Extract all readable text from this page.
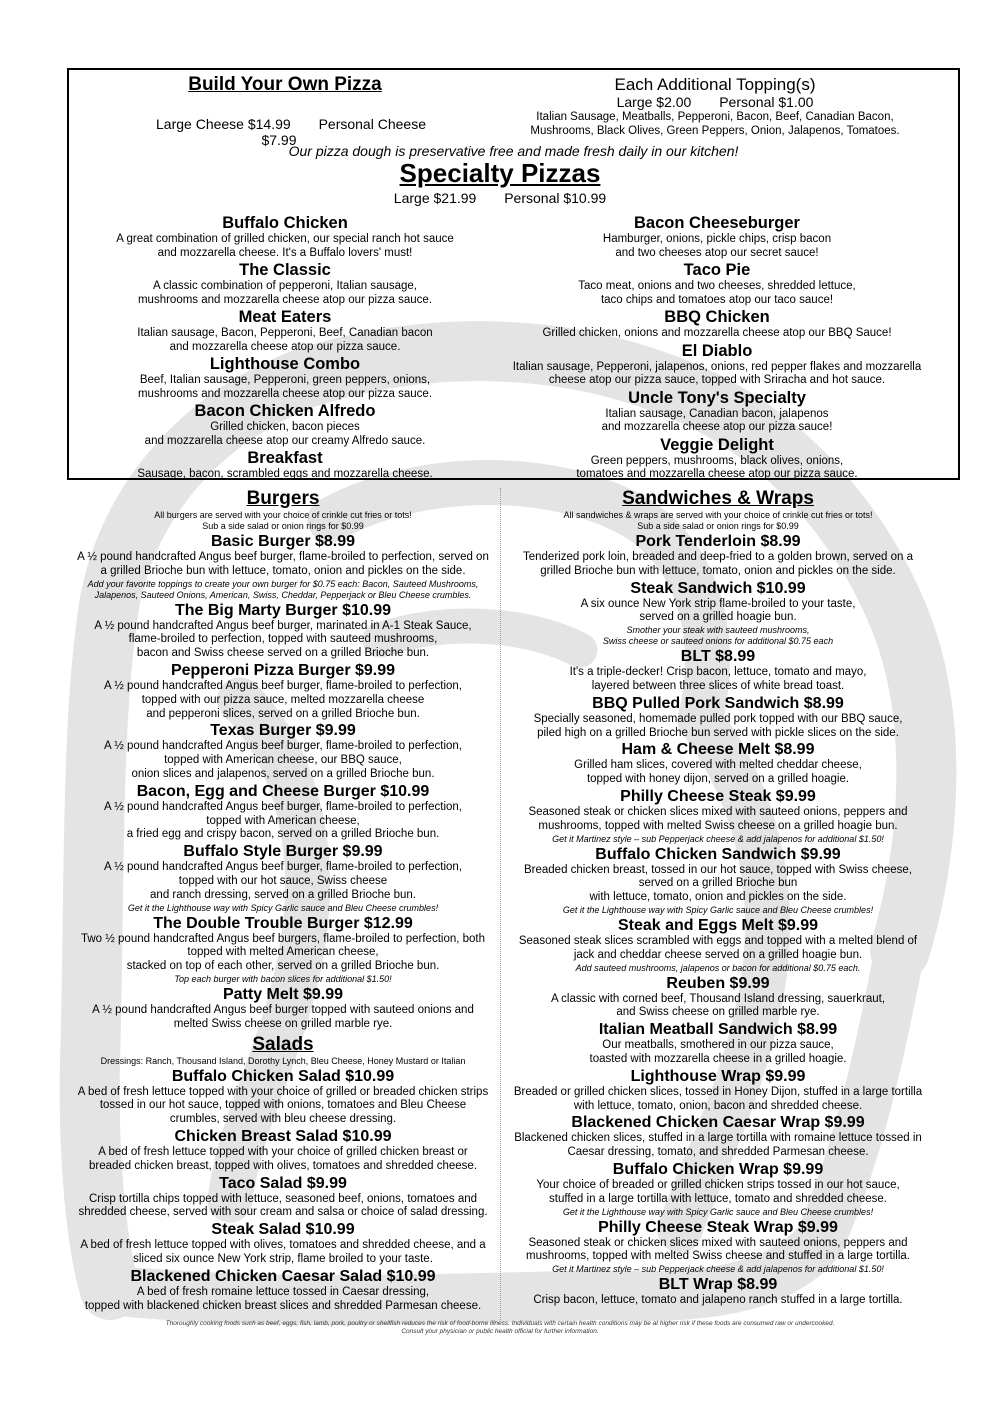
Build Your Own Pizza
Large Cheese $14.99 Personal Cheese $7.99
Each Additional Topping(s)
Large $2.00 Personal $1.00
Italian Sausage, Meatballs, Pepperoni, Bacon, Beef, Canadian Bacon,
Mushrooms, Black Olives, Green Peppers, Onion, Jalapenos, Tomatoes.
Our pizza dough is preservative free and made fresh daily in our kitchen!
Specialty Pizzas
Large $21.99 Personal $10.99
Buffalo Chicken
A great combination of grilled chicken, our special ranch hot sauce
and mozzarella cheese. It's a Buffalo lovers' must!
The Classic
A classic combination of pepperoni, Italian sausage,
mushrooms and mozzarella cheese atop our pizza sauce.
Meat Eaters
Italian sausage, Bacon, Pepperoni, Beef, Canadian bacon
and mozzarella cheese atop our pizza sauce.
Lighthouse Combo
Beef, Italian sausage, Pepperoni, green peppers, onions,
mushrooms and mozzarella cheese atop our pizza sauce.
Bacon Chicken Alfredo
Grilled chicken, bacon pieces
and mozzarella cheese atop our creamy Alfredo sauce.
Breakfast
Sausage, bacon, scrambled eggs and mozzarella cheese.
Bacon Cheeseburger
Hamburger, onions, pickle chips, crisp bacon
and two cheeses atop our secret sauce!
Taco Pie
Taco meat, onions and two cheeses, shredded lettuce,
taco chips and tomatoes atop our taco sauce!
BBQ Chicken
Grilled chicken, onions and mozzarella cheese atop our BBQ Sauce!
El Diablo
Italian sausage, Pepperoni, jalapenos, onions, red pepper flakes and mozzarella
cheese atop our pizza sauce, topped with Sriracha and hot sauce.
Uncle Tony's Specialty
Italian sausage, Canadian bacon, jalapenos
and mozzarella cheese atop our pizza sauce!
Veggie Delight
Green peppers, mushrooms, black olives, onions,
tomatoes and mozzarella cheese atop our pizza sauce.
Burgers
All burgers are served with your choice of crinkle cut fries or tots!
Sub a side salad or onion rings for $0.99
Basic Burger $8.99
A ½ pound handcrafted Angus beef burger, flame-broiled to perfection, served on
a grilled Brioche bun with lettuce, tomato, onion and pickles on the side.
Add your favorite toppings to create your own burger for $0.75 each: Bacon, Sauteed Mushrooms,
Jalapenos, Sauteed Onions, American, Swiss, Cheddar, Pepperjack or Bleu Cheese crumbles.
The Big Marty Burger $10.99
A ½ pound handcrafted Angus beef burger, marinated in A-1 Steak Sauce,
flame-broiled to perfection, topped with sauteed mushrooms,
bacon and Swiss cheese served on a grilled Brioche bun.
Pepperoni Pizza Burger $9.99
A ½ pound handcrafted Angus beef burger, flame-broiled to perfection,
topped with our pizza sauce, melted mozzarella cheese
and pepperoni slices, served on a grilled Brioche bun.
Texas Burger $9.99
A ½ pound handcrafted Angus beef burger, flame-broiled to perfection,
topped with American cheese, our BBQ sauce,
onion slices and jalapenos, served on a grilled Brioche bun.
Bacon, Egg and Cheese Burger $10.99
A ½ pound handcrafted Angus beef burger, flame-broiled to perfection,
topped with American cheese,
a fried egg and crispy bacon, served on a grilled Brioche bun.
Buffalo Style Burger $9.99
A ½ pound handcrafted Angus beef burger, flame-broiled to perfection,
topped with our hot sauce, Swiss cheese
and ranch dressing, served on a grilled Brioche bun.
Get it the Lighthouse way with Spicy Garlic sauce and Bleu Cheese crumbles!
The Double Trouble Burger $12.99
Two ½ pound handcrafted Angus beef burgers, flame-broiled to perfection, both
topped with melted American cheese,
stacked on top of each other, served on a grilled Brioche bun.
Top each burger with bacon slices for additional $1.50!
Patty Melt $9.99
A ½ pound handcrafted Angus beef burger topped with sauteed onions and
melted Swiss cheese on grilled marble rye.
Salads
Dressings: Ranch, Thousand Island, Dorothy Lynch, Bleu Cheese, Honey Mustard or Italian
Buffalo Chicken Salad $10.99
A bed of fresh lettuce topped with your choice of grilled or breaded chicken strips
tossed in our hot sauce, topped with onions, tomatoes and Bleu Cheese
crumbles, served with bleu cheese dressing.
Chicken Breast Salad $10.99
A bed of fresh lettuce topped with your choice of grilled chicken breast or
breaded chicken breast, topped with olives, tomatoes and shredded cheese.
Taco Salad $9.99
Crisp tortilla chips topped with lettuce, seasoned beef, onions, tomatoes and
shredded cheese, served with sour cream and salsa or choice of salad dressing.
Steak Salad $10.99
A bed of fresh lettuce topped with olives, tomatoes and shredded cheese, and a
sliced six ounce New York strip, flame broiled to your taste.
Blackened Chicken Caesar Salad $10.99
A bed of fresh romaine lettuce tossed in Caesar dressing,
topped with blackened chicken breast slices and shredded Parmesan cheese.
Sandwiches & Wraps
All sandwiches & wraps are served with your choice of crinkle cut fries or tots!
Sub a side salad or onion rings for $0.99
Pork Tenderloin $8.99
Tenderized pork loin, breaded and deep-fried to a golden brown, served on a
grilled Brioche bun with lettuce, tomato, onion and pickles on the side.
Steak Sandwich $10.99
A six ounce New York strip flame-broiled to your taste,
served on a grilled hoagie bun.
Smother your steak with sauteed mushrooms,
Swiss cheese or sauteed onions for additional $0.75 each
BLT $8.99
It's a triple-decker! Crisp bacon, lettuce, tomato and mayo,
layered between three slices of white bread toast.
BBQ Pulled Pork Sandwich $8.99
Specially seasoned, homemade pulled pork topped with our BBQ sauce,
piled high on a grilled Brioche bun served with pickle slices on the side.
Ham & Cheese Melt $8.99
Grilled ham slices, covered with melted cheddar cheese,
topped with honey dijon, served on a grilled hoagie.
Philly Cheese Steak $9.99
Seasoned steak or chicken slices mixed with sauteed onions, peppers and
mushrooms, topped with melted Swiss cheese on a grilled hoagie bun.
Get it Martinez style – sub Pepperjack cheese & add jalapenos for additional $1.50!
Buffalo Chicken Sandwich $9.99
Breaded chicken breast, tossed in our hot sauce, topped with Swiss cheese,
served on a grilled Brioche bun
with lettuce, tomato, onion and pickles on the side.
Get it the Lighthouse way with Spicy Garlic sauce and Bleu Cheese crumbles!
Steak and Eggs Melt $9.99
Seasoned steak slices scrambled with eggs and topped with a melted blend of
jack and cheddar cheese served on a grilled hoagie bun.
Add sauteed mushrooms, jalapenos or bacon for additional $0.75 each.
Reuben $9.99
A classic with corned beef, Thousand Island dressing, sauerkraut,
and Swiss cheese on grilled marble rye.
Italian Meatball Sandwich $8.99
Our meatballs, smothered in our pizza sauce,
toasted with mozzarella cheese in a grilled hoagie.
Lighthouse Wrap $9.99
Breaded or grilled chicken slices, tossed in Honey Dijon, stuffed in a large tortilla
with lettuce, tomato, onion, bacon and shredded cheese.
Blackened Chicken Caesar Wrap $9.99
Blackened chicken slices, stuffed in a large tortilla with romaine lettuce tossed in
Caesar dressing, tomato, and shredded Parmesan cheese.
Buffalo Chicken Wrap $9.99
Your choice of breaded or grilled chicken strips tossed in our hot sauce,
stuffed in a large tortilla with lettuce, tomato and shredded cheese.
Get it the Lighthouse way with Spicy Garlic sauce and Bleu Cheese crumbles!
Philly Cheese Steak Wrap $9.99
Seasoned steak or chicken slices mixed with sauteed onions, peppers and
mushrooms, topped with melted Swiss cheese and stuffed in a large tortilla.
Get it Martinez style – sub Pepperjack cheese & add jalapenos for additional $1.50!
BLT Wrap $8.99
Crisp bacon, lettuce, tomato and jalapeno ranch stuffed in a large tortilla.
Thoroughly cooking foods such as beef, eggs, fish, lamb, pork, poultry or shellfish reduces the risk of food-borne illness. Individuals with certain health conditions may be at higher risk if these foods are consumed raw or undercooked.
Consult your physician or public health official for further information.
